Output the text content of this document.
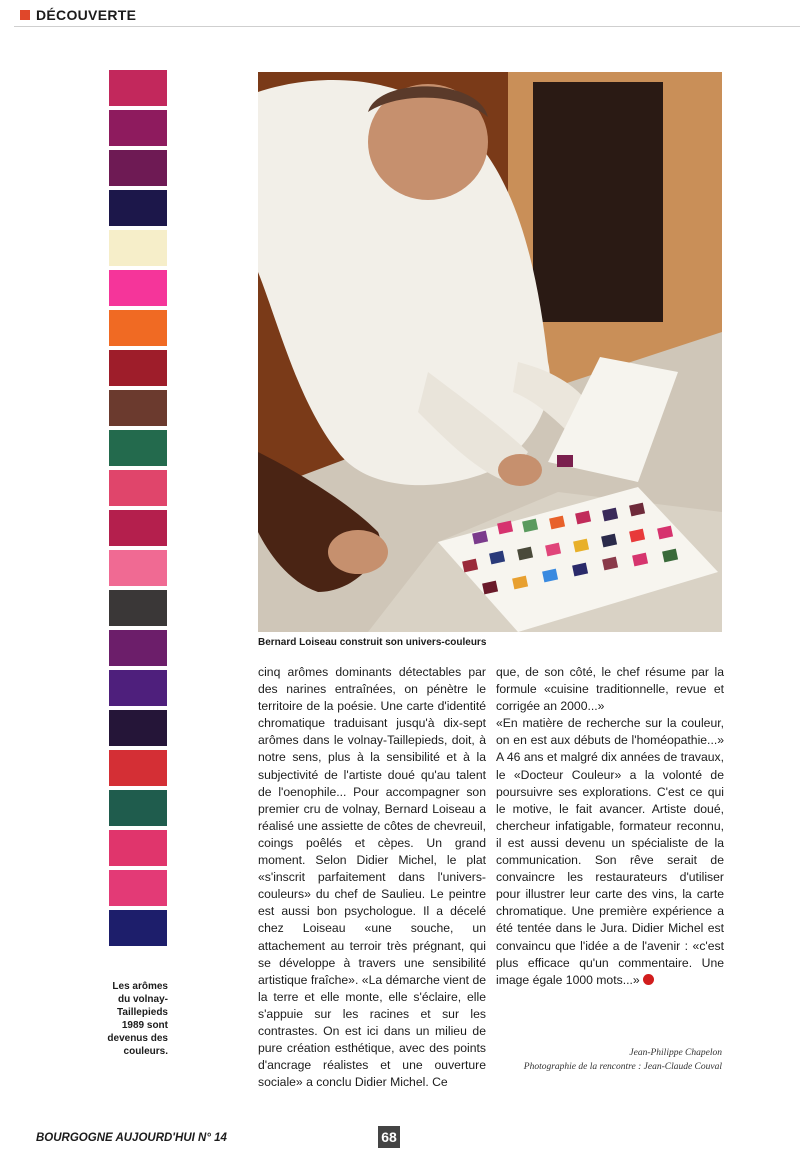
DÉCOUVERTE
Les arômes
du volnay-
Taillepieds
1989 sont
devenus des
couleurs.
Bernard Loiseau construit son univers-couleurs

cinq arômes dominants détectables par des narines entraînées, on pénètre le territoire de la poésie. Une carte d'identité chromatique traduisant jusqu'à dix-sept arômes dans le volnay-Taillepieds, doit, à notre sens, plus à la sensibilité et à la subjectivité de l'artiste doué qu'au talent de l'oenophile... Pour accompagner son premier cru de volnay, Bernard Loiseau a réalisé une assiette de côtes de chevreuil, coings poêlés et cèpes. Un grand moment. Selon Didier Michel, le plat «s'inscrit parfaitement dans l'univers-couleurs» du chef de Saulieu. Le peintre est aussi bon psychologue. Il a décelé chez Loiseau «une souche, un attachement au terroir très prégnant, qui se développe à travers une sensibilité artistique fraîche». «La démarche vient de la terre et elle monte, elle s'éclaire, elle s'appuie sur les racines et sur les contrastes. On est ici dans un milieu de pure création esthétique, avec des points d'ancrage réalistes et une ouverture sociale» a conclu Didier Michel. Ce

que, de son côté, le chef résume par la formule «cuisine traditionnelle, revue et corrigée an 2000...»

«En matière de recherche sur la couleur, on en est aux débuts de l'homéopathie...» A 46 ans et malgré dix années de travaux, le «Docteur Couleur» a la volonté de poursuivre ses explorations. C'est ce qui le motive, le fait avancer. Artiste doué, chercheur infatigable, formateur reconnu, il est aussi devenu un spécialiste de la communication. Son rêve serait de convaincre les restaurateurs d'utiliser pour illustrer leur carte des vins, la carte chromatique. Une première expérience a été tentée dans le Jura. Didier Michel est convaincu que l'idée a de l'avenir : «c'est plus efficace qu'un commentaire. Une image égale 1000 mots...»

Jean-Philippe Chapelon
Photographie de la rencontre : Jean-Claude Couval
BOURGOGNE AUJOURD'HUI N° 14	68
